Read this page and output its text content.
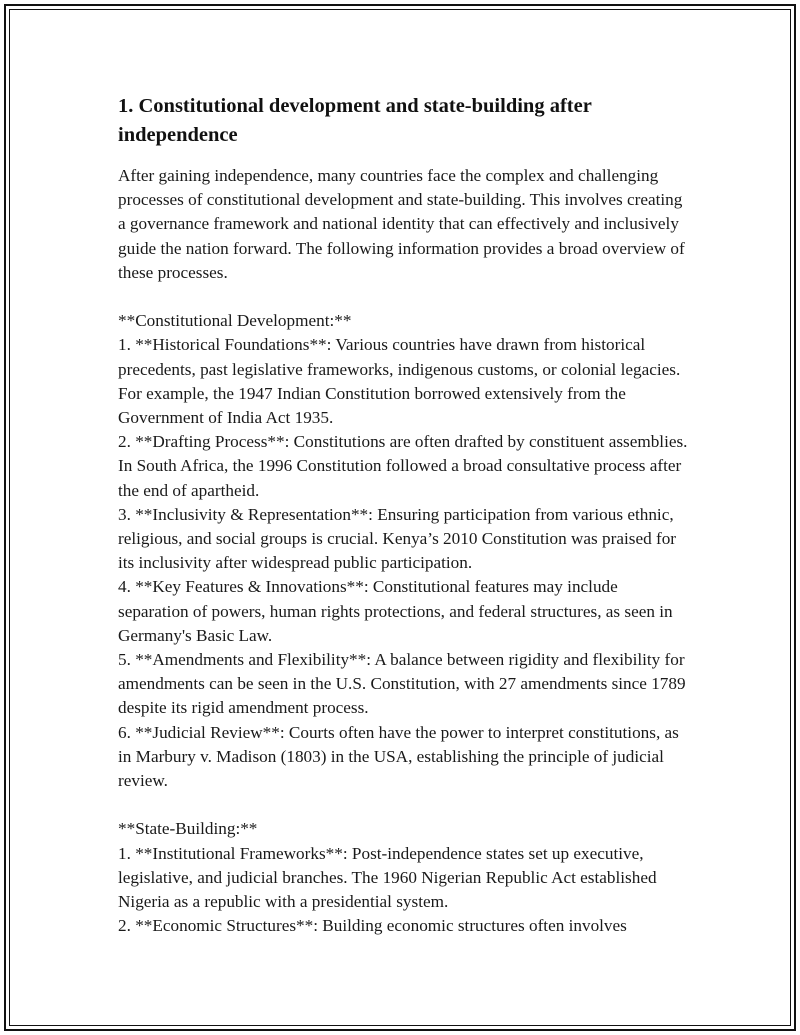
1. Constitutional development and state-building after independence

After gaining independence, many countries face the complex and challenging processes of constitutional development and state-building. This involves creating a governance framework and national identity that can effectively and inclusively guide the nation forward. The following information provides a broad overview of these processes.

**Constitutional Development:**

1. **Historical Foundations**: Various countries have drawn from historical precedents, past legislative frameworks, indigenous customs, or colonial legacies. For example, the 1947 Indian Constitution borrowed extensively from the Government of India Act 1935.

2. **Drafting Process**: Constitutions are often drafted by constituent assemblies. In South Africa, the 1996 Constitution followed a broad consultative process after the end of apartheid.

3. **Inclusivity & Representation**: Ensuring participation from various ethnic, religious, and social groups is crucial. Kenya’s 2010 Constitution was praised for its inclusivity after widespread public participation.

4. **Key Features & Innovations**: Constitutional features may include separation of powers, human rights protections, and federal structures, as seen in Germany's Basic Law.

5. **Amendments and Flexibility**: A balance between rigidity and flexibility for amendments can be seen in the U.S. Constitution, with 27 amendments since 1789 despite its rigid amendment process.

6. **Judicial Review**: Courts often have the power to interpret constitutions, as in Marbury v. Madison (1803) in the USA, establishing the principle of judicial review.

**State-Building:**

1. **Institutional Frameworks**: Post-independence states set up executive, legislative, and judicial branches. The 1960 Nigerian Republic Act established Nigeria as a republic with a presidential system.

2. **Economic Structures**: Building economic structures often involves
